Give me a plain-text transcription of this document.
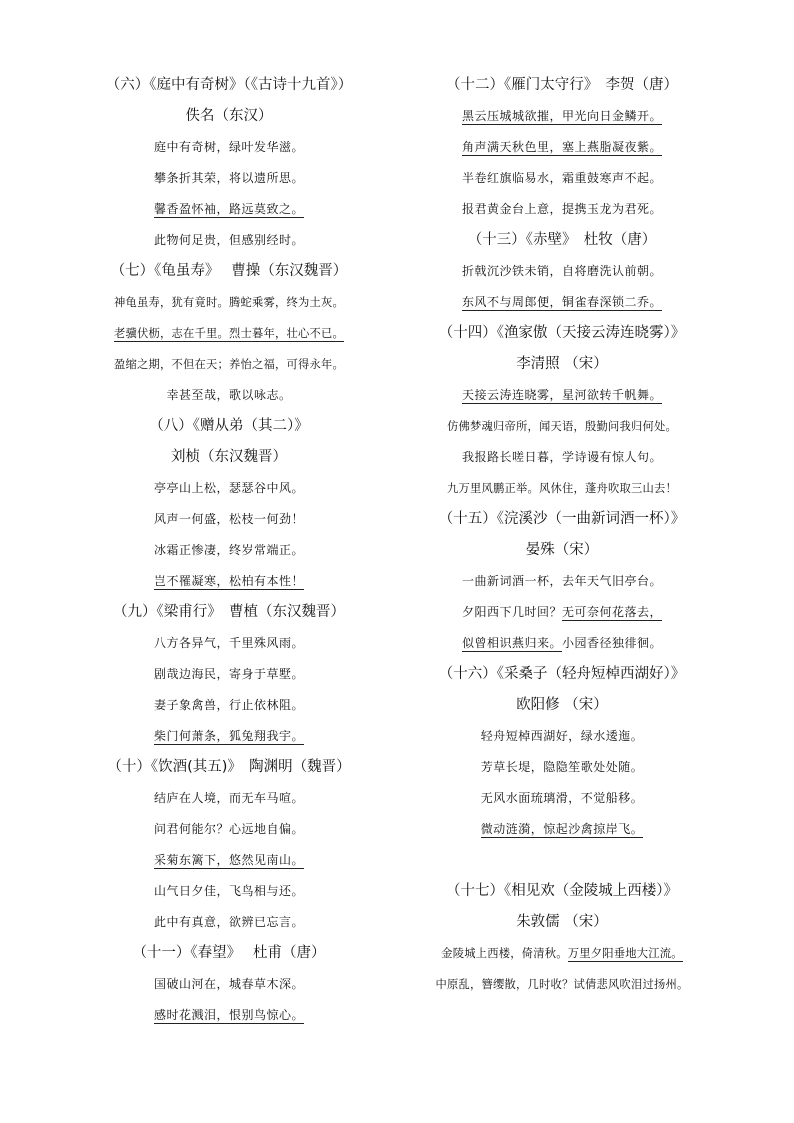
（六）《庭中有奇树》（《古诗十九首》）
佚名（东汉）
庭中有奇树，绿叶发华滋。
攀条折其荣，将以遗所思。
馨香盈怀袖，路远莫致之。
此物何足贵，但感别经时。
（七）《龟虽寿》　 曹操（东汉魏晋）
神龟虽寿，犹有竟时。腾蛇乘雾，终为土灰。
老骥伏枥，志在千里。烈士暮年，壮心不已。
盈缩之期，不但在天；养怡之福，可得永年。
幸甚至哉，歌以咏志。
（八）《赠从弟（其二）》
刘桢（东汉魏晋）
亭亭山上松，瑟瑟谷中风。
风声一何盛，松枝一何劲！
冰霜正惨凄，终岁常端正。
岂不罹凝寒，松柏有本性！
（九）《梁甫行》　曹植（东汉魏晋）
八方各异气，千里殊风雨。
剧哉边海民，寄身于草墅。
妻子象禽兽，行止依林阻。
柴门何萧条，狐兔翔我宇。
（十）《饮酒(其五)》　陶渊明（魏晋）
结庐在人境，而无车马喧。
问君何能尔？心远地自偏。
采菊东篱下，悠然见南山。
山气日夕佳，飞鸟相与还。
此中有真意，欲辨已忘言。
（十一）《春望》　 杜甫（唐）
国破山河在，城春草木深。
感时花溅泪，恨别鸟惊心。
（十二）《雁门太守行》　李贺（唐）
黑云压城城欲摧，甲光向日金鳞开。
角声满天秋色里，塞上燕脂凝夜紫。
半卷红旗临易水，霜重鼓寒声不起。
报君黄金台上意，提携玉龙为君死。
（十三）《赤壁》　杜牧（唐）
折戟沉沙铁未销，自将磨洗认前朝。
东风不与周郎便，铜雀春深锁二乔。
（十四）《渔家傲（天接云涛连晓雾）》
李清照 （宋）
天接云涛连晓雾，星河欲转千帆舞。
仿佛梦魂归帝所，闻天语，殷勤问我归何处。
我报路长嗟日暮，学诗谩有惊人句。
九万里风鹏正举。风休住，蓬舟吹取三山去！
（十五）《浣溪沙（一曲新词酒一杯）》
晏殊（宋）
一曲新词酒一杯，去年天气旧亭台。
夕阳西下几时回？无可奈何花落去，
似曾相识燕归来。小园香径独徘徊。
（十六）《采桑子（轻舟短棹西湖好）》
欧阳修 （宋）
轻舟短棹西湖好，绿水逶迤。
芳草长堤，隐隐笙歌处处随。
无风水面琉璃滑，不觉船移。
微动涟漪，惊起沙禽掠岸飞。
（十七）《相见欢（金陵城上西楼）》
朱敦儒 （宋）
金陵城上西楼，倚清秋。万里夕阳垂地大江流。
中原乱，簪缨散，几时收？试倩悲风吹泪过扬州。
